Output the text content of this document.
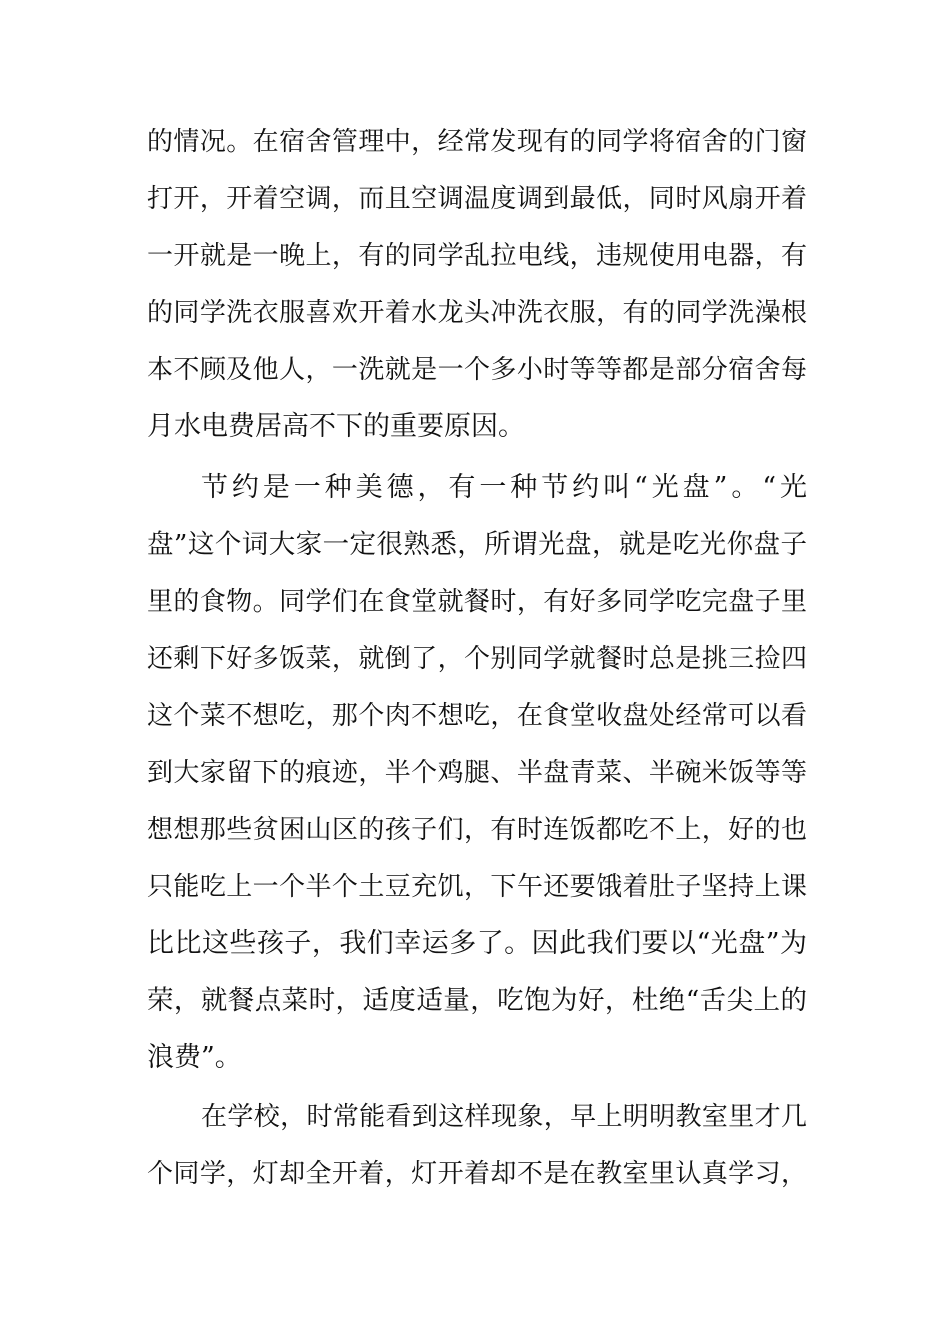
的情况。在宿舍管理中，经常发现有的同学将宿舍的门窗
打开，开着空调，而且空调温度调到最低，同时风扇开着
一开就是一晚上，有的同学乱拉电线，违规使用电器，有
的同学洗衣服喜欢开着水龙头冲洗衣服，有的同学洗澡根
本不顾及他人，一洗就是一个多小时等等都是部分宿舍每
月水电费居高不下的重要原因。
节约是一种美德，有一种节约叫“光盘”。“光
盘”这个词大家一定很熟悉，所谓光盘，就是吃光你盘子
里的食物。同学们在食堂就餐时，有好多同学吃完盘子里
还剩下好多饭菜，就倒了，个别同学就餐时总是挑三捡四
这个菜不想吃，那个肉不想吃，在食堂收盘处经常可以看
到大家留下的痕迹，半个鸡腿、半盘青菜、半碗米饭等等
想想那些贫困山区的孩子们，有时连饭都吃不上，好的也
只能吃上一个半个土豆充饥，下午还要饿着肚子坚持上课
比比这些孩子，我们幸运多了。因此我们要以“光盘”为
荣，就餐点菜时，适度适量，吃饱为好，杜绝“舌尖上的
浪费”。
在学校，时常能看到这样现象，早上明明教室里才几
个同学，灯却全开着，灯开着却不是在教室里认真学习，
